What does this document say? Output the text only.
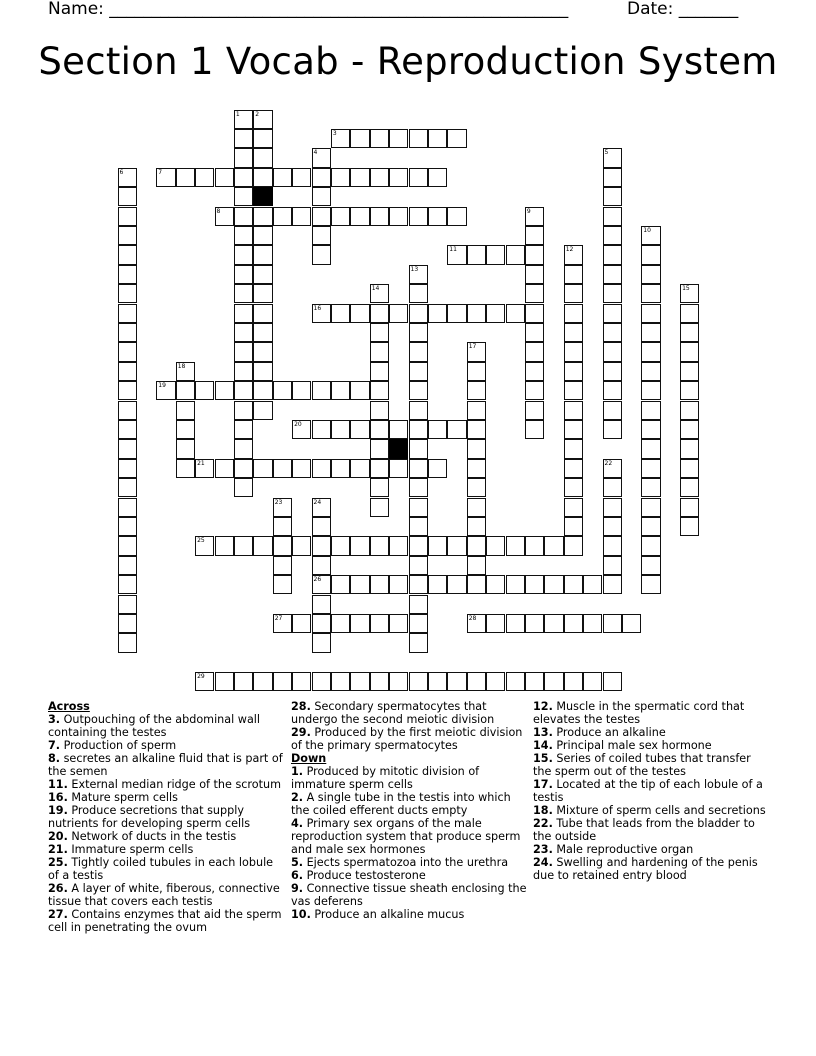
Name: ______________________________________________________	Date: _______
Section 1 Vocab - Reproduction System
1	2
3
4	5
6	7
8	9
10
11	12
13
14	15
16
17
18
19
20
21	22
23	24
26
25
27	28
29
Across
3. Outpouching of the abdominal wall containing the testes
7. Production of sperm
8. secretes an alkaline fluid that is part of the semen
11. External median ridge of the scrotum
16. Mature sperm cells
19. Produce secretions that supply nutrients for developing sperm cells
20. Network of ducts in the testis
21. Immature sperm cells
25. Tightly coiled tubules in each lobule of a testis
26. A layer of white, fiberous, connective tissue that covers each testis
27. Contains enzymes that aid the sperm cell in penetrating the ovum
28. Secondary spermatocytes that undergo the second meiotic division
29. Produced by the first meiotic division of the primary spermatocytes
Down
1. Produced by mitotic division of immature sperm cells
2. A single tube in the testis into which the coiled efferent ducts empty
4. Primary sex organs of the male reproduction system that produce sperm and male sex hormones
5. Ejects spermatozoa into the urethra
6. Produce testosterone
9. Connective tissue sheath enclosing the vas deferens
10. Produce an alkaline mucus
12. Muscle in the spermatic cord that elevates the testes
13. Produce an alkaline
14. Principal male sex hormone
15. Series of coiled tubes that transfer the sperm out of the testes
17. Located at the tip of each lobule of a testis
18. Mixture of sperm cells and secretions
22. Tube that leads from the bladder to the outside
23. Male reproductive organ
24. Swelling and hardening of the penis due to retained entry blood
